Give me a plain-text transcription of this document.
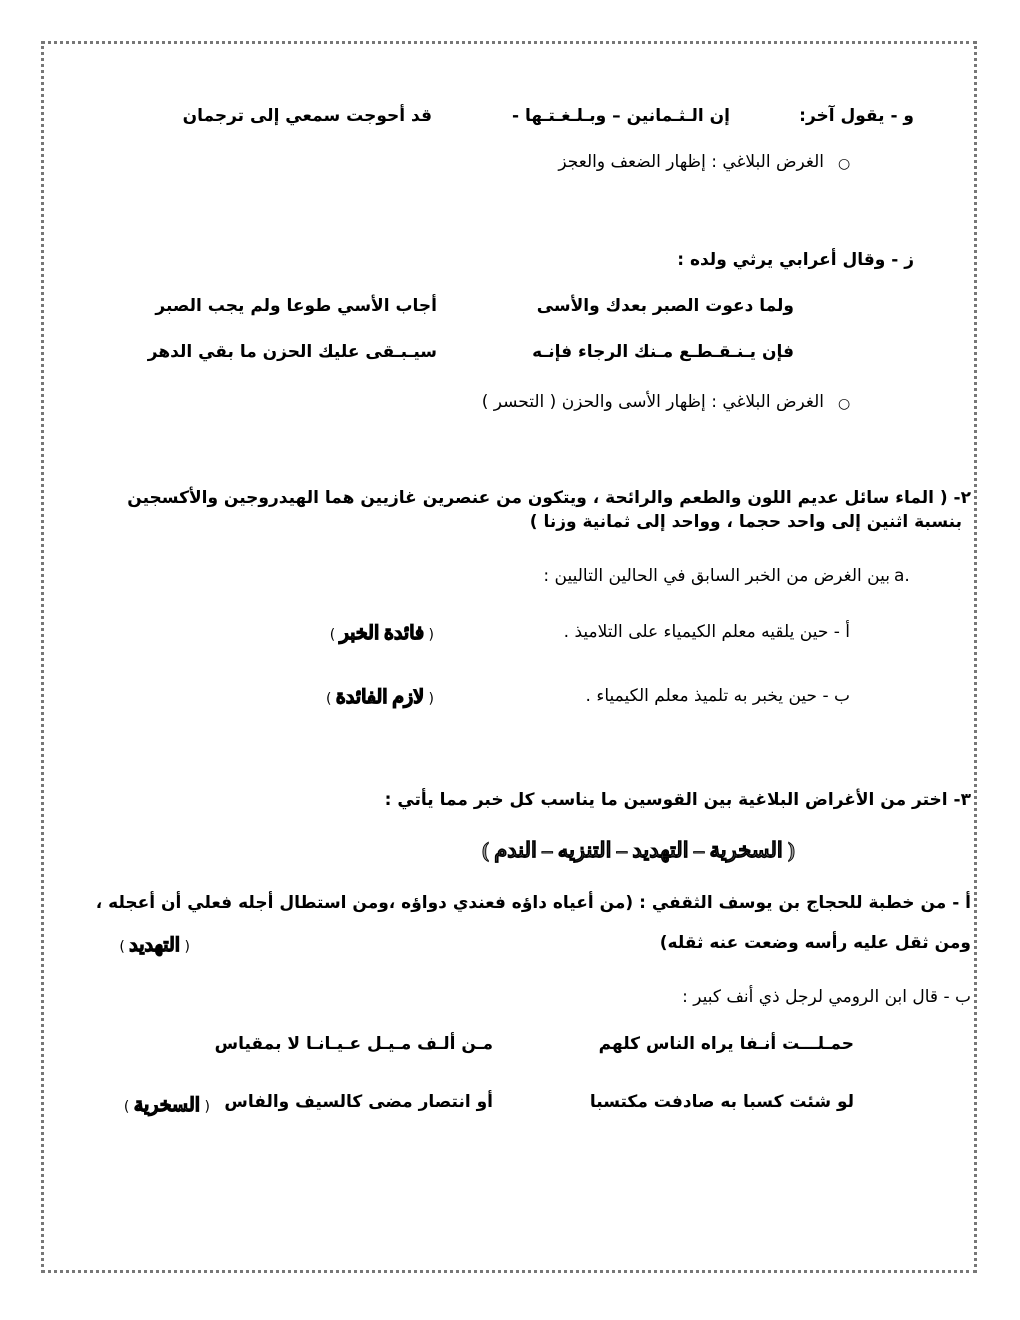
و - يقول آخر:
إن الـثـمانين – وبـلـغـتـها -
قد أحوجت سمعي إلى ترجمان
○
الغرض البلاغي : إظهار الضعف والعجز
ز - وقال أعرابي يرثي ولده :
ولما دعوت الصبر بعدك والأسى
أجاب الأسي طوعا ولم يجب الصبر
فإن يـنـقـطـع مـنك الرجاء فإنـه
سيـبـقى عليك الحزن ما بقي الدهر
○
الغرض البلاغي : إظهار الأسى والحزن ( التحسر )
٢- ( الماء سائل عديم اللون والطعم والرائحة ، ويتكون من عنصرين غازيين هما الهيدروجين والأكسجين
بنسبة اثنين إلى واحد حجما ، وواحد إلى ثمانية وزنا )
a.
بين الغرض من الخبر السابق في الحالين التاليين :
أ - حين يلقيه معلم الكيمياء على التلاميذ .
( فائدة الخبر )
ب - حين يخبر به تلميذ معلم الكيمياء .
( لازم الفائدة )
٣- اختر من الأغراض البلاغية بين القوسين ما يناسب كل خبر مما يأتي :
( السخرية – التهديد – التنزيه – الندم )
أ - من خطبة للحجاج بن يوسف الثقفي : (من أعياه داؤه فعندي دواؤه ،ومن استطال أجله فعلي أن أعجله ،
ومن ثقل عليه رأسه وضعت عنه ثقله)
( التهديد )
ب - قال ابن الرومي لرجل ذي أنف كبير :
حمـلـــت أنـفا يراه الناس كلهم
مـن ألـف مـيـل عـيـانـا لا بمقياس
لو شئت كسبا به صادفت مكتسبا
أو انتصار مضى كالسيف والفاس
( السخرية )
